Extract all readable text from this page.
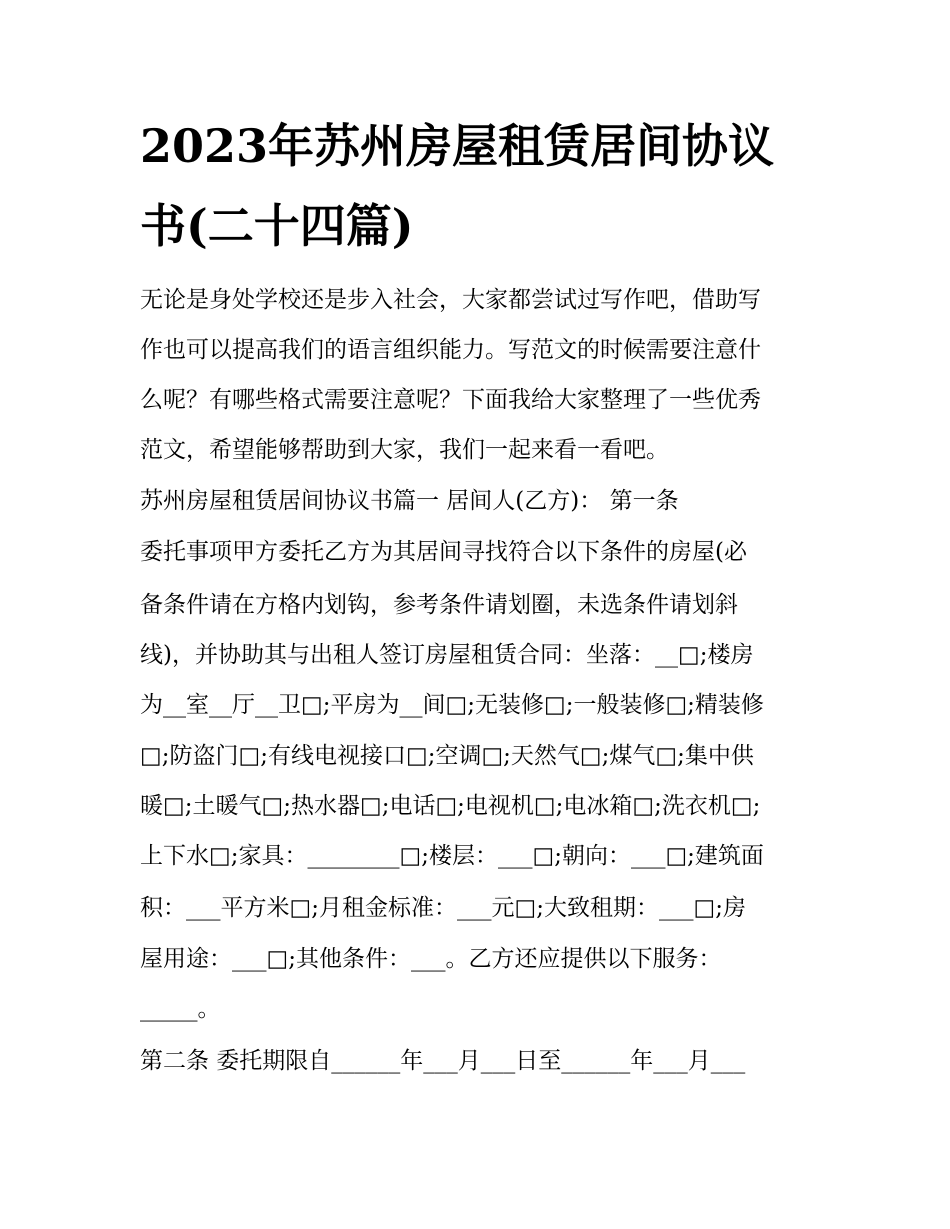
2023年苏州房屋租赁居间协议
书(二十四篇)

无论是身处学校还是步入社会，大家都尝试过写作吧，借助写

作也可以提高我们的语言组织能力。写范文的时候需要注意什

么呢？有哪些格式需要注意呢？下面我给大家整理了一些优秀

范文，希望能够帮助到大家，我们一起来看一看吧。

苏州房屋租赁居间协议书篇一 居间人(乙方)： 第一条

委托事项甲方委托乙方为其居间寻找符合以下条件的房屋(必

备条件请在方格内划钩，参考条件请划圈，未选条件请划斜

线)，并协助其与出租人签订房屋租赁合同：坐落：__□;楼房

为__室__厅__卫□;平房为__间□;无装修□;一般装修□;精装修

□;防盗门□;有线电视接口□;空调□;天然气□;煤气□;集中供

暖□;土暖气□;热水器□;电话□;电视机□;电冰箱□;洗衣机□;

上下水□;家具：________□;楼层：___□;朝向：___□;建筑面

积：___平方米□;月租金标准：___元□;大致租期：___□;房

屋用途：___□;其他条件：___。乙方还应提供以下服务：

_____。

第二条 委托期限自______年___月___日至______年___月___
